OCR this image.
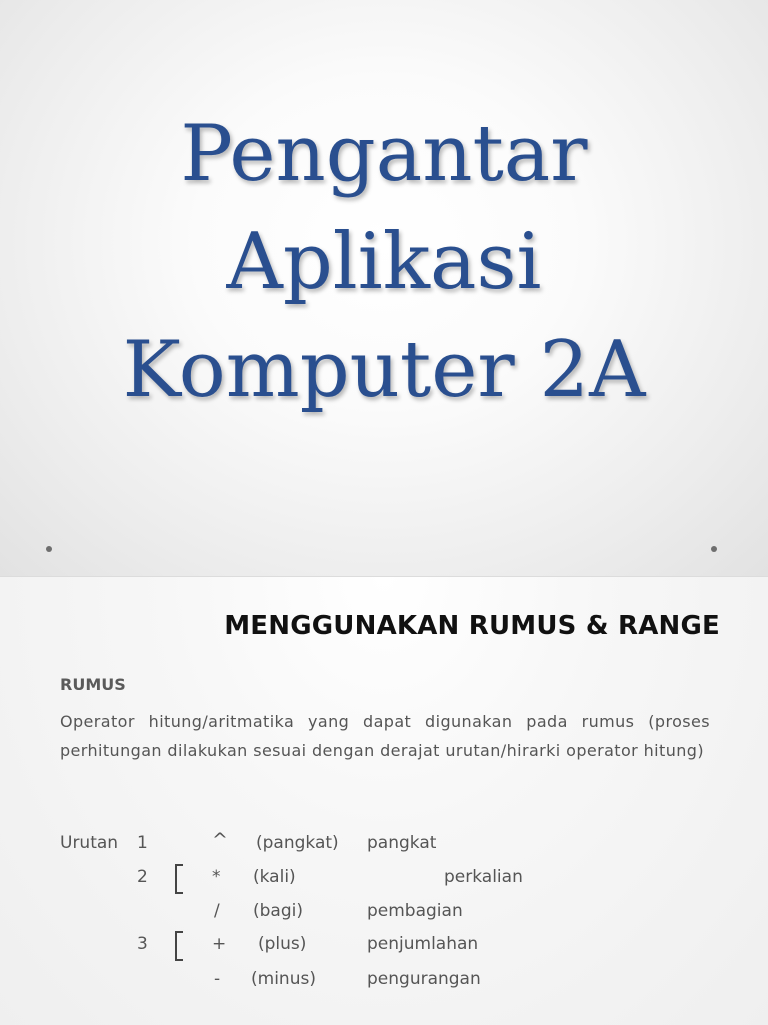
Pengantar
Aplikasi
Komputer 2A
MENGGUNAKAN RUMUS & RANGE
RUMUS
Operator hitung/aritmatika yang dapat digunakan pada rumus (proses perhitungan dilakukan sesuai dengan derajat urutan/hirarki operator hitung)
Urutan 1	^ (pangkat) pangkat
2	* (kali)	perkalian
/ (bagi)	pembagian
3	+ (plus)	penjumlahan
- (minus)	pengurangan
